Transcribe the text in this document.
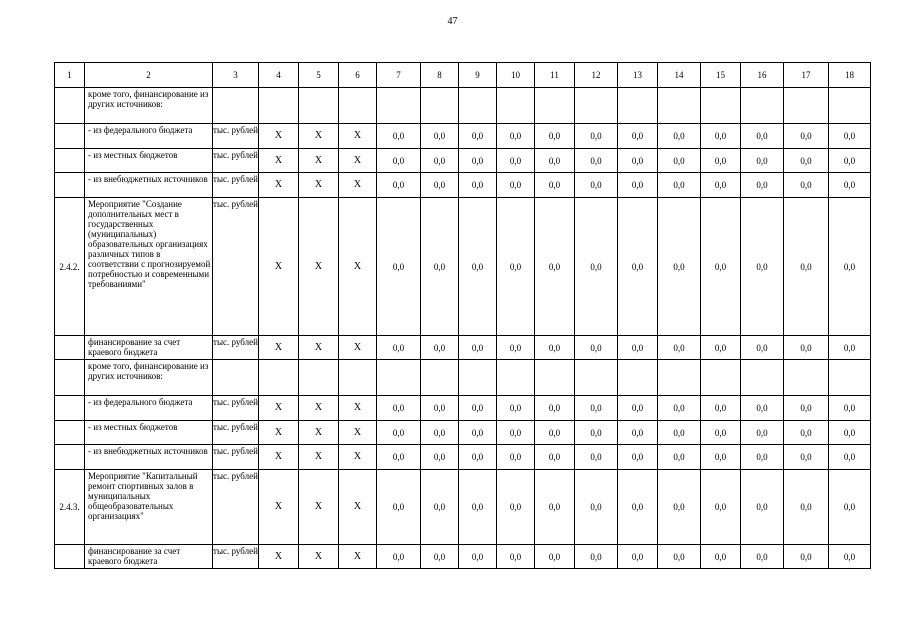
47
1	2	3	4	5	6	7	8	9	10	11	12	13	14	15	16	17	18
	кроме того, финансирование из других источников:																
	- из федерального бюджета	тыс. рублей	X	X	X	0,0	0,0	0,0	0,0	0,0	0,0	0,0	0,0	0,0	0,0	0,0	0,0
	- из местных бюджетов	тыс. рублей	X	X	X	0,0	0,0	0,0	0,0	0,0	0,0	0,0	0,0	0,0	0,0	0,0	0,0
	- из внебюджетных источников	тыс. рублей	X	X	X	0,0	0,0	0,0	0,0	0,0	0,0	0,0	0,0	0,0	0,0	0,0	0,0
2.4.2.	Мероприятие "Создание дополнительных мест в государственных (муниципальных) образовательных организациях различных типов в соответствии с прогнозируемой потребностью и современными требованиями"	тыс. рублей	X	X	X	0,0	0,0	0,0	0,0	0,0	0,0	0,0	0,0	0,0	0,0	0,0	0,0
	финансирование за счет краевого бюджета	тыс. рублей	X	X	X	0,0	0,0	0,0	0,0	0,0	0,0	0,0	0,0	0,0	0,0	0,0	0,0
	кроме того, финансирование из других источников:																
	- из федерального бюджета	тыс. рублей	X	X	X	0,0	0,0	0,0	0,0	0,0	0,0	0,0	0,0	0,0	0,0	0,0	0,0
	- из местных бюджетов	тыс. рублей	X	X	X	0,0	0,0	0,0	0,0	0,0	0,0	0,0	0,0	0,0	0,0	0,0	0,0
	- из внебюджетных источников	тыс. рублей	X	X	X	0,0	0,0	0,0	0,0	0,0	0,0	0,0	0,0	0,0	0,0	0,0	0,0
2.4.3.	Мероприятие "Капитальный ремонт спортивных залов в муниципальных общеобразовательных организациях"	тыс. рублей	X	X	X	0,0	0,0	0,0	0,0	0,0	0,0	0,0	0,0	0,0	0,0	0,0	0,0
	финансирование за счет краевого бюджета	тыс. рублей	X	X	X	0,0	0,0	0,0	0,0	0,0	0,0	0,0	0,0	0,0	0,0	0,0	0,0
